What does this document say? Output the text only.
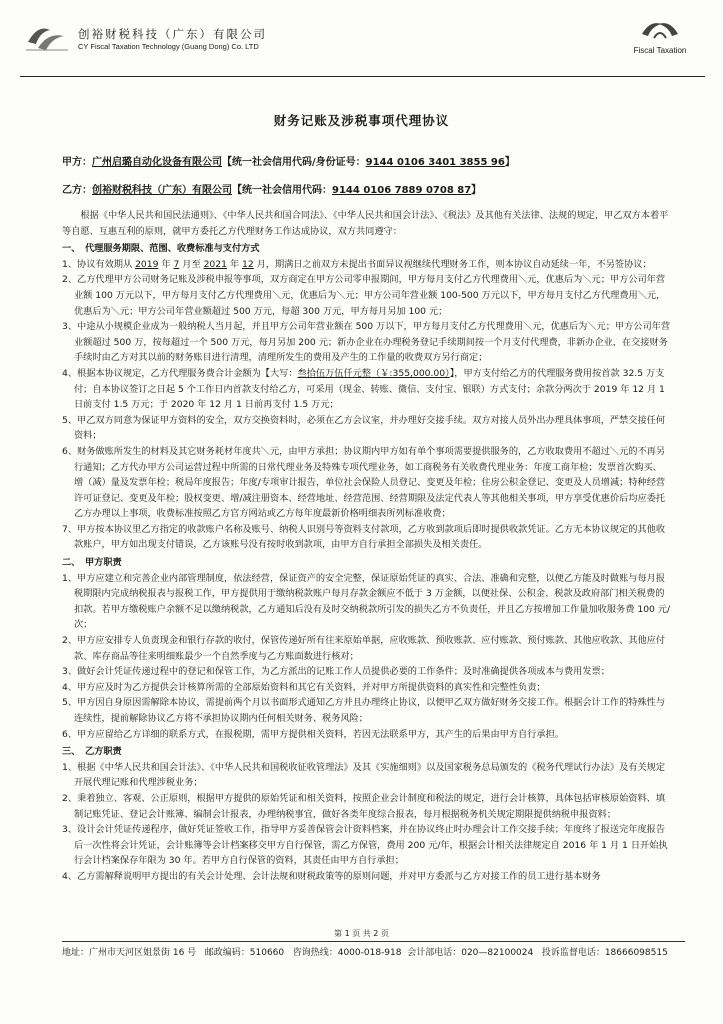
创裕财税科技（广东）有限公司
CY Fiscal Taxation Technology (Guang Dong) Co. LTD	Fiscal Taxation
财务记账及涉税事项代理协议
甲方：广州启璐自动化设备有限公司【统一社会信用代码/身份证号：9144 0106 3401 3855 96】
乙方：创裕财税科技（广东）有限公司【统一社会信用代码：9144 0106 7889 0708 87】

根据《中华人民共和国民法通则》、《中华人民共和国合同法》、《中华人民共和国会计法》、《税法》及其他有关法律、法规的规定，甲乙双方本着平等自愿、互惠互利的原则，就甲方委托乙方代理财务工作达成协议，双方共同遵守：

一、　代理服务期限、范围、收费标准与支付方式

1、协议有效期从 2019 年 7 月至 2021 年 12 月，期满日之前双方未提出书面异议视继续代理财务工作，则本协议自动延续一年，不另签协议；

2、乙方代理甲方公司财务记账及涉税申报等事项，双方商定在甲方公司零申报期间，甲方每月支付乙方代理费用＼元，优惠后为＼元；甲方公司年营业额 100 万元以下，甲方每月支付乙方代理费用＼元，优惠后为＼元；甲方公司年营业额 100-500 万元以下，甲方每月支付乙方代理费用＼元，优惠后为＼元；甲方公司年营业额超过 500 万元，每超 300 万元，甲方每月另加 100 元；

3、中途从小规模企业成为一般纳税人当月起，并且甲方公司年营业额在 500 万以下，甲方每月支付乙方代理费用＼元，优惠后为＼元；甲方公司年营业额超过 500 万，按每超过一个 500 万元，每月另加 200 元；新办企业在办理税务登记手续期间按一个月支付代理费，非新办企业，在交接财务手续时由乙方对其以前的财务账目进行清理，清理所发生的费用及产生的工作量的收费双方另行商定；

4、根据本协议规定，乙方代理服务费合计金额为【大写：叁拾伍万伍仟元整（￥:355,000.00）】，甲方支付给乙方的代理服务费用按首款 32.5 万支付；自本协议签订之日起 5 个工作日内首款支付给乙方，可采用（现金、转账、微信、支付宝、银联）方式支付；余款分两次于 2019 年 12 月 1 日前支付 1.5 万元；于 2020 年 12 月 1 日前再支付 1.5 万元；

5、甲乙双方同意为保证甲方资料的安全，双方交换资料时，必须在乙方会议室，并办理好交接手续。双方对接人员外出办理具体事项，严禁交接任何资料；

6、财务做账所发生的材料及其它财务耗材年度共＼元，由甲方承担；协议期内甲方如有单个事项需要提供服务的，乙方收取费用不超过＼元的不再另行通知；乙方代办甲方公司运营过程中所需的日常代理业务及特殊专项代理业务，如工商税务有关收费代理业务：年度工商年检；发票首次购买、增（减）量及发票年检；税局年度报告；年度/专项审计报告，单位社会保险人员登记、变更及年检；住房公积金登记、变更及人员增减；特种经营许可证登记、变更及年检；股权变更、增/减注册资本、经营地址、经营范围、经营期限及法定代表人等其他相关事项，甲方享受优惠价后均应委托乙方办理以上事项，收费标准按照乙方官方网站或乙方每年度最新价格明细表所列标准收费；

7、甲方按本协议里乙方指定的收款账户名称及账号、纳税人识别号等资料支付款项，乙方收到款项后即时提供收款凭证。乙方无本协议规定的其他收款账户，甲方如出现支付错误，乙方该账号没有按时收到款项，由甲方自行承担全部损失及相关责任。

二、　甲方职责

1、甲方应建立和完善企业内部管理制度，依法经营，保证资产的安全完整，保证原始凭证的真实、合法、准确和完整，以便乙方能及时做账与每月报税期限内完成纳税报表与报税工作，甲方提供用于缴纳税款账户每月存款金额应不低于 3 万金额，以便社保、公积金、税款及政府部门相关税费的扣款。若甲方缴税账户余额不足以缴纳税款，乙方通知后没有及时交纳税款所引发的损失乙方不负责任，并且乙方按增加工作量加收服务费 100 元/次；

2、甲方应安排专人负责现金和银行存款的收付，保管传递好所有往来原始单据，应收账款、预收账款、应付账款、预付账款、其他应收款、其他应付款、库存商品等往来明细账最少一个自然季度与乙方账面数进行核对；

3、做好会计凭证传递过程中的登记和保管工作，为乙方派出的记账工作人员提供必要的工作条件；及时准确提供各项成本与费用发票；

4、甲方应及时为乙方提供会计核算所需的全部原始资料和其它有关资料，并对甲方所提供资料的真实性和完整性负责；

5、甲方因自身原因需解除本协议，需提前两个月以书面形式通知乙方并且办理终止协议，以便甲乙双方做好财务交接工作。根据会计工作的特殊性与连续性，提前解除协议乙方将不承担协议期内任何相关财务、税务风险；

6、甲方应留给乙方详细的联系方式，在报税期，需甲方提供相关资料，若因无法联系甲方，其产生的后果由甲方自行承担。

三、　乙方职责

1、根据《中华人民共和国会计法》、《中华人民共和国税收征收管理法》及其《实施细则》以及国家税务总局颁发的《税务代理试行办法》及有关规定开展代理记账和代理涉税业务；

2、秉着独立、客观、公正原则，根据甲方提供的原始凭证和相关资料，按照企业会计制度和税法的规定，进行会计核算，具体包括审核原始资料、填制记账凭证、登记会计账簿、编制会计报表，办理纳税事宜，做好各类年度综合报表，每月根据税务机关规定期限提供纳税申报资料；

3、设计会计凭证传递程序，做好凭证签收工作，指导甲方妥善保管会计资料档案，并在协议终止时办理会计工作交接手续；年度终了报送完年度报告后一次性将会计凭证，会计账簿等会计档案移交甲方自行保管，需乙方保管，费用 200 元/年，根据会计相关法律规定自 2016 年 1 月 1 日开始执行会计档案保存年限为 30 年。若甲方自行保管的资料，其责任由甲方自行承担；

4、乙方需解释说明甲方提出的有关会计处理、会计法规和财税政策等的原则问题，并对甲方委派与乙方对接工作的员工进行基本财务

第 1 页 共 2 页
地址：广州市天河区姐景街 16 号 邮政编码：510660 咨询热线：4000-018-918 会计部电话：020—82100024 投诉监督电话：18666098515
